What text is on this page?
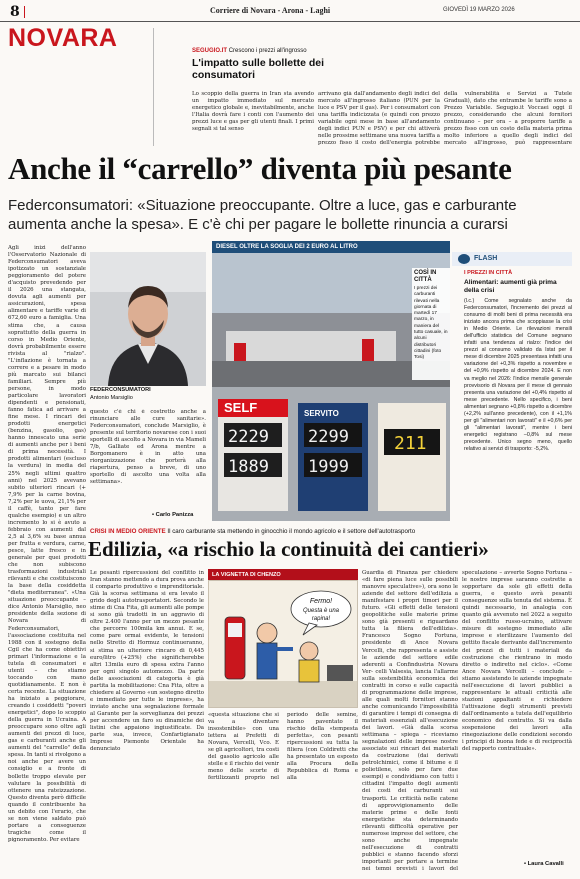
8	Corriere di Novara - Arona - Laghi	GIOVEDÌ 19 MARZO 2026
NOVARA	SEGUGIO.IT Crescono i prezzi all'ingrosso
L'impatto sulle bollette dei consumatori
Lo scoppio della guerra in Iran sta avendo un impatto immediato sul mercato energetico globale e, inevitabilmente, anche l'Italia dovrà fare i conti con l'aumento dei prezzi luce e gas per gli utenti finali. I primi segnali si tal senso
arrivano già dall'andamento degli indici del mercato all'ingrosso italiano (PUN per la luce e PSV per il gas). Per i consumatori con una tariffa indicizzata (e quindi con prezzo variabile ogni mese in base all'andamento degli indici PUN e PSV) e per chi attiverà nelle prossime settimane una nuova tariffa a prezzo fisso il costo dell'energia potrebbe
della vulnerabilità e Servizi a Tutele Graduali), dato che entrambe le tariffe sono a Prezzo Variabile. Segugio.it Voccaei oggi il prezzo, considerando che alcuni fornitori continuano – per ora – a proporre tariffe a prezzo fisso con un costo della materia prima molto inferiore a quello degli indici del mercato all'ingrosso, può rappresentare
Anche il “carrello” diventa più pesante
Federconsumatori: «Situazione preoccupante. Oltre a luce, gas e carburante aumenta anche la spesa». E c'è chi per pagare le bollette rinuncia a curarsi
Agli inizi dell'anno l'Osservatorio Nazionale di Federconsumatori aveva ipotizzato un sostanziale peggioramento del potere d'acquisto prevedendo per il 2026 una stangata, dovuta agli aumenti per assicurazioni, spesa alimentare e tariffe varie di 672,60 euro a famiglia. Una stima che, a causa soprattutto della guerra in corso in Medio Oriente, dovrà probabilmente essere rivista al "rialzo". "L'inflazione è tornata a correre e a pesare in modo più marcato sui bilanci familiari. Sempre più persone, in modo particolare lavoratori dipendenti e pensionati, fanno fatica ad arrivare a fine mese. I rincari dei prodotti energetici (benzina, gasolio, gas) hanno innescato una serie di aumenti anche per i beni di prima necessità. I prodotti alimentari (escluso la verdura) in media del 25% negli ultimi quattro anni) nel 2025 avevano subito ulteriori rincari (+ 7,9% per la carne bovina, 7,2% per le uova, 21,1% per il caffè, tanto per fare qualche esempio) e un altro incremento lo si è avuto a febbraio con aumenti dal 2,5 al 3,6% su base annua per frutta e verdura, carne, pesce, latte fresco e in generale per quei prodotti che non subiscono trasformazioni industriali rilevanti e che costituiscono la base della cosiddetta "dieta mediterranea". «Una situazione preoccupante – dice Antonio Marsiglio, neo presidente della sezione di Novara di Federconsumatori, l'associazione costituita nel 1988 con il sostegno della Cgil che ha come obiettivi primari l'informazione e la tutela di consumatori e utenti – che stiamo toccando con mano quotidianamente. E non è certa recente. La situazione ha iniziato a peggiorare, creando i cosiddetti "poveri energetici", dopo lo scoppio della guerra in Ucraina. A preoccupare sono oltre agli aumenti dei prezzi di luce, gas e carburanti anche gli aumenti del "carrello" della spesa. In tanti si rivolgono a noi anche per avere un consiglio e a fronte di bollette troppo elevate per valutare la possibilità di ottenere una rateizzazione. Questo diventa però difficile quando il contribuente ha un debito con l'erario, che se non viene saldato può portare a conseguenze tragiche come il pignoramento. Per evitare
FEDERCONSUMATORI
Antonio Marsiglio
questo c'è chi è costretto anche a rinunciare alle cure sanitarie». Federconsumatori, conclude Marsiglio, è presente sul territorio novarese con i suoi sportelli di ascolto a Novara in via Mameli 7/b, Galliate ed Arona mentre a Borgomanero è in atto una riorganizzazione che porterà alla riapertura, penso a breve, di uno sportello di ascolto una volta alla settimana».
• Carlo Panizza
DIESEL OLTRE LA SOGLIA DEI 2 EURO AL LITRO
SELF
2229
1889
SERVITO
2299
1999
211
COSÌ IN CITTÀ
I prezzi dei carburanti rilevati nella giornata di martedì 17 marzo, in maniera del tutto casuale, in alcuni distributori cittadini (foto Tosi)
FLASH
I PREZZI IN CITTÀ
Alimentari: aumenti già prima della crisi
(l.c.) Come segnalato anche da Federconsumatori, l'incremento dei prezzi al consumo di molti beni di prima necessità era iniziato ancora prima che scoppiasse la crisi in Medio Oriente. Le rilevazioni mensili dell'ufficio statistica del Comune segnano infatti una tendenza al rialzo: l'indice dei prezzi al consumo validato da Istat per il mese di dicembre 2025 presentava infatti una variazione del +0,3% rispetto a novembre e del +0,9% rispetto al dicembre 2024. E non va meglio nel 2026: l'indice mensile generale provvisorio di Novara per il mese di gennaio presenta una variazione del +0,4% rispetto al mese precedente. Nello specifico, i beni alimentari segnano +0,8% rispetto a dicembre (+2,2% sull'anno precedente), con il +1,1% per gli "alimentari non lavorati" e il +0,6% per gli "alimentari lavorati", mentre i beni energetici registrano –0,8% sul mese precedente. Unico segno meno, quello relativo ai servizi di trasporto: -5,2%.
CRISI IN MEDIO ORIENTE Il caro carburante sta mettendo in ginocchio il mondo agricolo e il settore dell'autotrasporto
Edilizia, «a rischio la continuità dei cantieri»
Le pesanti ripercussioni del conflitto in Iran stanno mettendo a dura prova anche il comparto produttivo e imprenditoriale. Già la scorsa settimana si era levato il grido degli autotrasportatori. Secondo le stime di Cna Fita, gli aumenti alle pompe si sono già tradotti in un aggravio di oltre 2.400 l'anno per un mezzo pesante che percorre 100mila km annui. E se, come pare ormai evidente, le tensioni nello Stretto di Hormuz continueranno, si stima un ulteriore rincaro di 0,445 euro/litro (+25%) che significherebbe altri 13mila euro di spesa extra l'anno per ogni singolo automezzo. Da parte delle associazioni di categoria è già partita la mobilitazione: Cna Fita, oltre a chiedere al Governo «un sostegno diretto e immediato per tutte le imprese», ha inviato anche una segnalazione formale al Garante per la sorveglianza dei prezzi per accendere un faro su dinamiche dei listini che appaiono ingiustificate. Da parte sua, invece, Confartigianato Imprese Piemonte Orientale ha denunciato
LA VIGNETTA DI CHENZO
Fermo!
Questa è una
rapina!
«questa situazione che si va a diventare insostenibile» con una lettera ai Prefetti di Novara, Vercelli, Vco. E se gli agricoltori, tra costi del gasolio agricolo alle stelle e il rischio dei venir meno delle scorte di fertilizzanti proprio nel periodo delle semine, hanno paventato il rischio della «tempesta perfetta», con pesanti ripercussioni su tutta la filiera (con Coldiretti che ha presentato un esposto alla Procura della Repubblica di Roma e alla
Guardia di Finanza per chiedere «di fare piena luce sulle possibili manovre speculative»), ora sono le aziende del settore dell'edilizia a manifestare i propri timori per il futuro. «Gli effetti delle tensioni geopolitiche sulle materie prime sono già presenti e riguardano tutta la filiera dell'edilizia». Francesco Sogno Fortuna, presidente di Ance Novara Vercelli, che rappresenta e assiste le aziende del settore edile aderenti a Confindustria Novara Ver- celli Valsesia, lancia l'allarme sulla sostenibilità economica dei contratti in corso e sulle capacità di programmazione delle imprese, alle quali molti fornitori stanno anche comunicando l'impossibilità di garantire i tempi di consegna di materiali essenziali all'esecuzione dei lavori. «Già dalla scorsa settimana – spiega – riceviamo segnalazioni delle imprese nostre associate sui rincari dei materiali da costruzione (dai derivati petrolchimici, come il bitume e il polietilene, solo per fare due esempi) e condividiamo con tutti i cittadini l'impatto degli aumenti dei costi dei carburanti sui trasporti. Le criticità nelle catene di approvvigionamento delle materie prime e delle fonti energetiche sta determinando rilevanti difficoltà operative per numerose imprese del settore, che sono anche impegnate nell'esecuzione di contratti pubblici e stanno facendo sforzi importanti per portare a termine nei tempi previsti i lavori del
speculazione – avverte Sogno Fortuna – le nostre imprese saranno costrette a sopportare da sole gli effetti della guerra, e questo avrà pesanti conseguenze sulla tenuta del sistema. È quindi necessario, in analogia con quanto già avvenuto nel 2022 a seguito del conflitto russo-ucraino, attivare misure di sostegno immediato alle imprese e sterilizzare l'aumento del gettito fiscale derivante dall'incremento dei prezzi di tutti i materiali da costruzione che rientrano in modo diretto o indiretto nel ciclo». «Come Ance Novara Vercelli – conclude – stiamo assistendo le aziende impegnate nell'esecuzione di lavori pubblici a rappresentare le attuali criticità alle stazioni appaltanti e richiedere l'attivazione degli strumenti previsti dall'ordinamento a tutela dell'equilibrio economico del contratto. Si va dalla sospensione dei lavori alla rinegoziazione delle condizioni secondo i principi di buona fede e di reciprocità del rapporto contrattuale».
• Laura Cavalli
